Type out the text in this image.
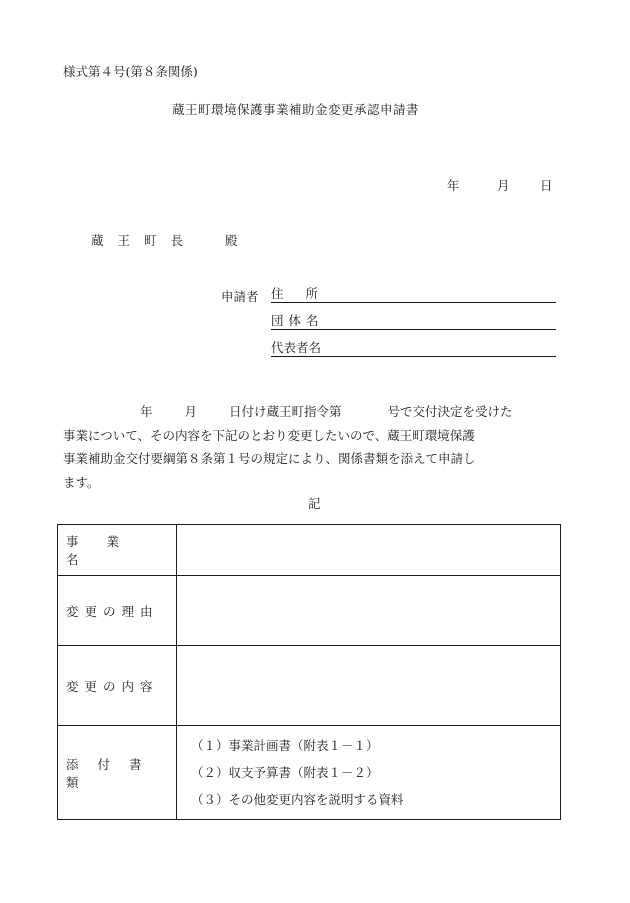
様式第４号(第８条関係)
蔵王町環境保護事業補助金変更承認申請書
年	月 日
蔵王町長 殿
申請者 住所
団体名
代表者名
年	月	日付け蔵王町指令第	号で交付決定を受けた
事業について、その内容を下記のとおり変更したいので、蔵王町環境保護
事業補助金交付要綱第８条第１号の規定により、関係書類を添えて申請し
ます。
記
事業名	
変更の理由	
変更の内容	
添付書類	（１）事業計画書（附表１－１）
（２）収支予算書（附表１－２）
（３）その他変更内容を説明する資料
